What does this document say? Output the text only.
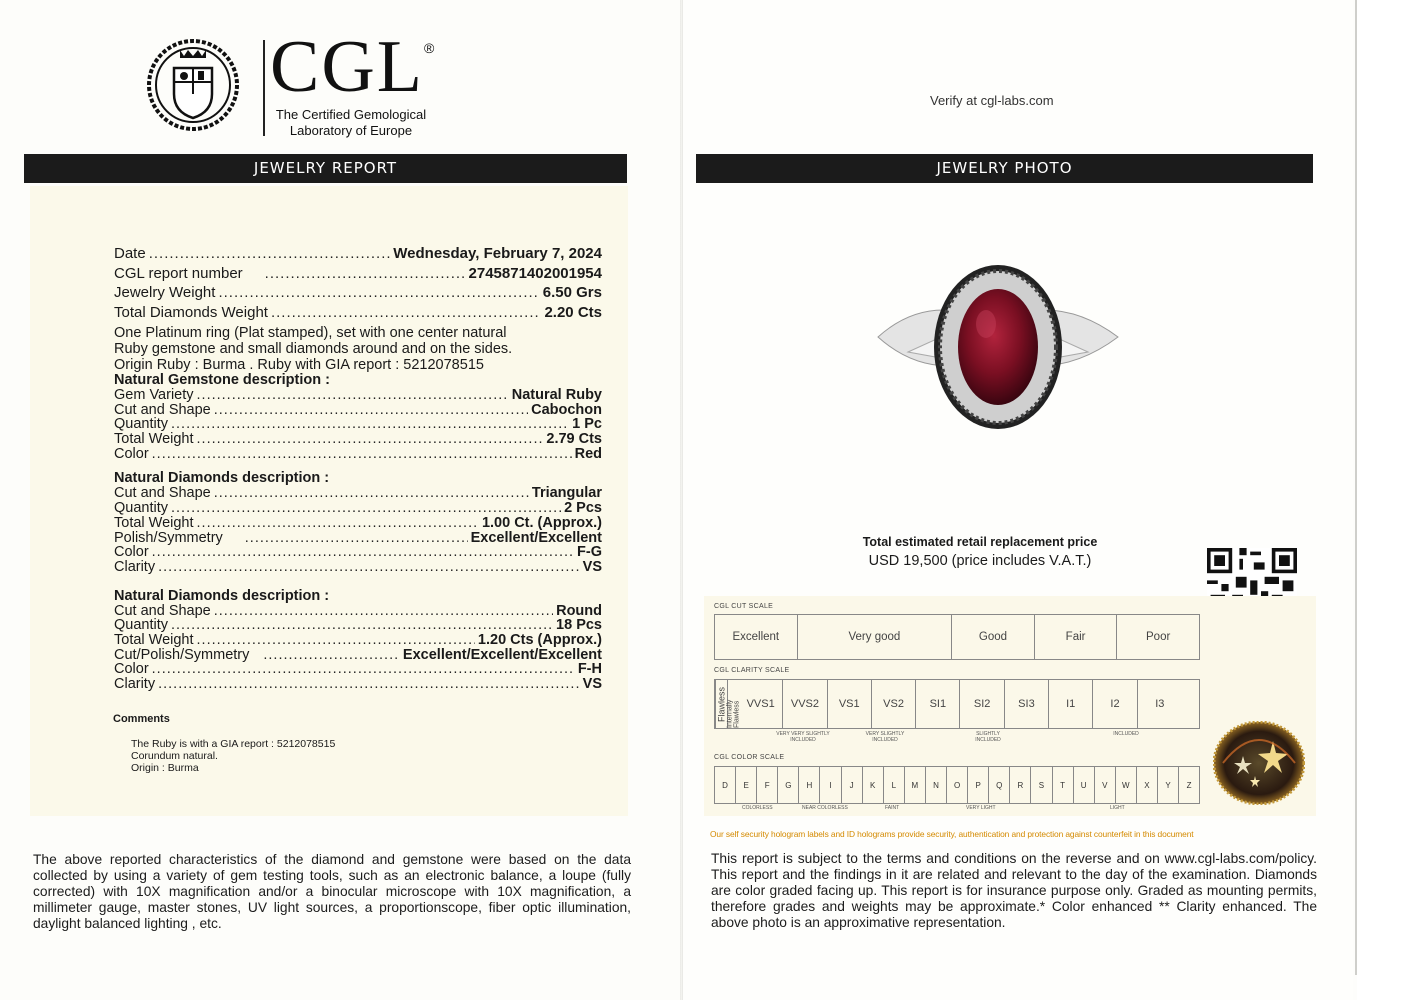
CGL ®
The Certified Gemological Laboratory of Europe
JEWELRY REPORT
Date .....	Wednesday, February 7, 2024
CGL report number .....	2745871402001954
Jewelry Weight .....	6.50 Grs
Total Diamonds Weight .....	2.20 Cts
One Platinum ring (Plat stamped), set with one center natural
Ruby gemstone and small diamonds around and on the sides.
Origin Ruby : Burma . Ruby with GIA report : 5212078515
Natural Gemstone description :
Gem Variety .....	Natural Ruby
Cut and Shape .....	Cabochon
Quantity .....	1 Pc
Total Weight .....	2.79 Cts
Color .....	Red
Natural Diamonds description :
Cut and Shape .....	Triangular
Quantity .....	2 Pcs
Total Weight .....	1.00 Ct. (Approx.)
Polish/Symmetry .....	Excellent/Excellent
Color .....	F-G
Clarity .....	VS
Natural Diamonds description :
Cut and Shape .....	Round
Quantity .....	18 Pcs
Total Weight .....	1.20 Cts (Approx.)
Cut/Polish/Symmetry .....	Excellent/Excellent/Excellent
Color .....	F-H
Clarity .....	VS
Comments
The Ruby is with a GIA report : 5212078515
Corundum natural.
Origin : Burma
The above reported characteristics of the diamond and gemstone were based on the data collected by using a variety of gem testing tools, such as an electronic balance, a loupe (fully corrected) with 10X magnification and/or a binocular microscope with 10X magnification, a millimeter gauge, master stones, UV light sources, a proportionscope, fiber optic illumination, daylight balanced lighting , etc.
Verify at cgl-labs.com
JEWELRY PHOTO
Total estimated retail replacement price
USD 19,500 (price includes V.A.T.)
CGL CUT SCALE
Excellent	Very good	Good	Fair	Poor
CGL CLARITY SCALE
Flawless Internally Flawless VVS1	VVS2	VS1	VS2	SI1	SI2	SI3	I1	I2	I3
VERY VERY SLIGHTLY INCLUDED
VERY SLIGHTLY INCLUDED
SLIGHTLY INCLUDED
INCLUDED
CGL COLOR SCALE
D	E	F	G	H	I	J	K	L	M	N	O	P	Q	R	S	T	U	V	W	X	Y	Z
COLORLESS	NEAR COLORLESS	FAINT	VERY LIGHT	LIGHT
Our self security hologram labels and ID holograms provide security, authentication and protection against counterfeit in this document
This report is subject to the terms and conditions on the reverse and on www.cgl-labs.com/policy. This report and the findings in it are related and relevant to the day of the examination. Diamonds are color graded facing up. This report is for insurance purpose only. Graded as mounting permits, therefore grades and weights may be approximate.* Color enhanced ** Clarity enhanced. The above photo is an approximative representation.
